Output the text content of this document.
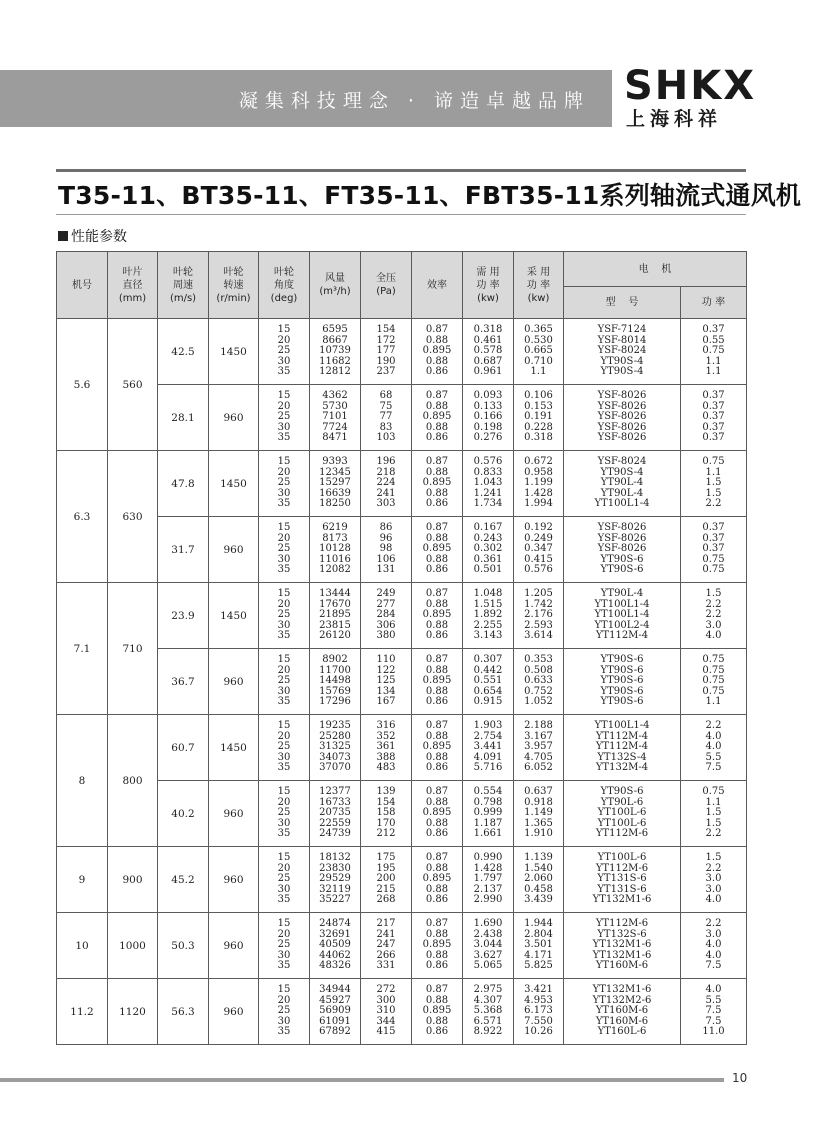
凝集科技理念 · 谛造卓越品牌 SHKX
上海科祥
T35-11、BT35-11、FT35-11、FBT35-11系列轴流式通风机
性能参数
机号	叶片
直径
(mm)	叶轮
周速
(m/s)	叶轮
转速
(r/min)	叶轮
角度
(deg)	风量
(m³/h)	全压
(Pa)	效率	需 用
功 率
(kw)	采 用
功 率
(kw)	电    机	
										型    号	功 率
5.6	560	42.5	1450	15
20
25
30
35	6595
8667
10739
11682
12812	154
172
177
190
237	0.87
0.88
0.895
0.88
0.86	0.318
0.461
0.578
0.687
0.961	0.365
0.530
0.665
0.710
1.1	YSF-7124
YSF-8014
YSF-8024
YT90S-4
YT90S-4	0.37
0.55
0.75
1.1
1.1
		28.1	960	15
20
25
30
35	4362
5730
7101
7724
8471	68
75
77
83
103	0.87
0.88
0.895
0.88
0.86	0.093
0.133
0.166
0.198
0.276	0.106
0.153
0.191
0.228
0.318	YSF-8026
YSF-8026
YSF-8026
YSF-8026
YSF-8026	0.37
0.37
0.37
0.37
0.37
6.3	630	47.8	1450	15
20
25
30
35	9393
12345
15297
16639
18250	196
218
224
241
303	0.87
0.88
0.895
0.88
0.86	0.576
0.833
1.043
1.241
1.734	0.672
0.958
1.199
1.428
1.994	YSF-8024
YT90S-4
YT90L-4
YT90L-4
YT100L1-4	0.75
1.1
1.5
1.5
2.2
		31.7	960	15
20
25
30
35	6219
8173
10128
11016
12082	86
96
98
106
131	0.87
0.88
0.895
0.88
0.86	0.167
0.243
0.302
0.361
0.501	0.192
0.249
0.347
0.415
0.576	YSF-8026
YSF-8026
YSF-8026
YT90S-6
YT90S-6	0.37
0.37
0.37
0.75
0.75
7.1	710	23.9	1450	15
20
25
30
35	13444
17670
21895
23815
26120	249
277
284
306
380	0.87
0.88
0.895
0.88
0.86	1.048
1.515
1.892
2.255
3.143	1.205
1.742
2.176
2.593
3.614	YT90L-4
YT100L1-4
YT100L1-4
YT100L2-4
YT112M-4	1.5
2.2
2.2
3.0
4.0
		36.7	960	15
20
25
30
35	8902
11700
14498
15769
17296	110
122
125
134
167	0.87
0.88
0.895
0.88
0.86	0.307
0.442
0.551
0.654
0.915	0.353
0.508
0.633
0.752
1.052	YT90S-6
YT90S-6
YT90S-6
YT90S-6
YT90S-6	0.75
0.75
0.75
0.75
1.1
8	800	60.7	1450	15
20
25
30
35	19235
25280
31325
34073
37070	316
352
361
388
483	0.87
0.88
0.895
0.88
0.86	1.903
2.754
3.441
4.091
5.716	2.188
3.167
3.957
4.705
6.052	YT100L1-4
YT112M-4
YT112M-4
YT132S-4
YT132M-4	2.2
4.0
4.0
5.5
7.5
		40.2	960	15
20
25
30
35	12377
16733
20735
22559
24739	139
154
158
170
212	0.87
0.88
0.895
0.88
0.86	0.554
0.798
0.999
1.187
1.661	0.637
0.918
1.149
1.365
1.910	YT90S-6
YT90L-6
YT100L-6
YT100L-6
YT112M-6	0.75
1.1
1.5
1.5
2.2
9	900	45.2	960	15
20
25
30
35	18132
23830
29529
32119
35227	175
195
200
215
268	0.87
0.88
0.895
0.88
0.86	0.990
1.428
1.797
2.137
2.990	1.139
1.540
2.060
0.458
3.439	YT100L-6
YT112M-6
YT131S-6
YT131S-6
YT132M1-6	1.5
2.2
3.0
3.0
4.0
10	1000	50.3	960	15
20
25
30
35	24874
32691
40509
44062
48326	217
241
247
266
331	0.87
0.88
0.895
0.88
0.86	1.690
2.438
3.044
3.627
5.065	1.944
2.804
3.501
4.171
5.825	YT112M-6
YT132S-6
YT132M1-6
YT132M1-6
YT160M-6	2.2
3.0
4.0
4.0
7.5
11.2	1120	56.3	960	15
20
25
30
35	34944
45927
56909
61091
67892	272
300
310
344
415	0.87
0.88
0.895
0.88
0.86	2.975
4.307
5.368
6.571
8.922	3.421
4.953
6.173
7.550
10.26	YT132M1-6
YT132M2-6
YT160M-6
YT160M-6
YT160L-6	4.0
5.5
7.5
7.5
11.0
10
